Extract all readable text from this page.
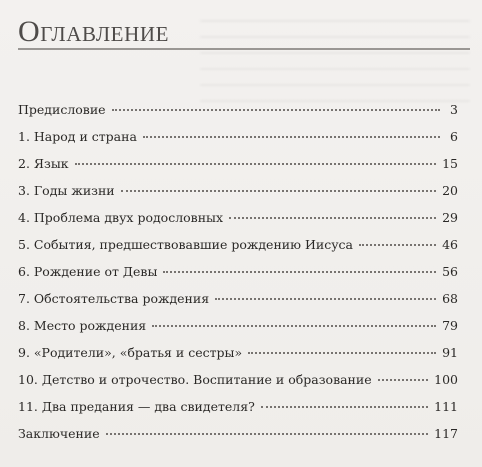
Оглавление
Предисловие	3
1. Народ и страна	6
2. Язык	15
3. Годы жизни	20
4. Проблема двух родословных	29
5. События, предшествовавшие рождению Иисуса	46
6. Рождение от Девы	56
7. Обстоятельства рождения	68
8. Место рождения	79
9. «Родители», «братья и сестры»	91
10. Детство и отрочество. Воспитание и образование	100
11. Два предания — два свидетеля?	111
Заключение	117
